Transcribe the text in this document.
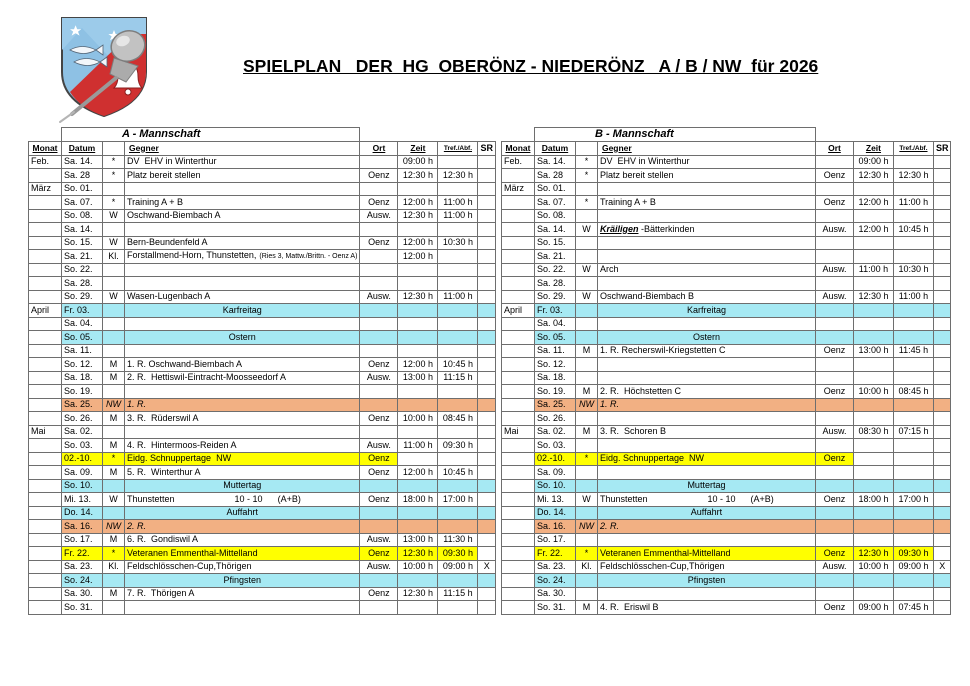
SPIELPLAN   DER  HG  OBERÖNZ - NIEDERÖNZ   A / B / NW  für 2026
	A - Mannschaft						
Monat	Datum		Gegner	Ort	Zeit	Tref./Abf.	SR
Feb.	Sa. 14.	*	DV  EHV in Winterthur		09:00 h		
	Sa. 28	*	Platz bereit stellen	Oenz	12:30 h	12:30 h	
März	So. 01.						
	Sa. 07.	*	Training A + B	Oenz	12:00 h	11:00 h	
	So. 08.	W	Oschwand-Biembach A	Ausw.	12:30 h	11:00 h	
	Sa. 14.						
	So. 15.	W	Bern-Beundenfeld A	Oenz	12:00 h	10:30 h	
	Sa. 21.	Kl.	Forstallmend-Horn, Thunstetten, (Ries 3, Mattw./Brittn. - Oenz A)		12:00 h		
	So. 22.						
	Sa. 28.						
	So. 29.	W	Wasen-Lugenbach A	Ausw.	12:30 h	11:00 h	
April	Fr. 03.		Karfreitag				
	Sa. 04.						
	So. 05.		Ostern				
	Sa. 11.						
	So. 12.	M	1. R. Oschwand-Biembach A	Oenz	12:00 h	10:45 h	
	Sa. 18.	M	2. R.  Hettiswil-Eintracht-Moosseedorf A	Ausw.	13:00 h	11:15 h	
	So. 19.						
	Sa. 25.	NW	1. R.				
	So. 26.	M	3. R.  Rüderswil A	Oenz	10:00 h	08:45 h	
Mai	Sa. 02.						
	So. 03.	M	4. R.  Hintermoos-Reiden A	Ausw.	11:00 h	09:30 h	
	02.-10.	*	Eidg. Schnuppertage  NW	Oenz			
	Sa. 09.	M	5. R.  Winterthur A	Oenz	12:00 h	10:45 h	
	So. 10.		Muttertag				
	Mi. 13.	W	Thunstetten                        10 - 10      (A+B)	Oenz	18:00 h	17:00 h	
	Do. 14.		Auffahrt				
	Sa. 16.	NW	2. R.				
	So. 17.	M	6. R.  Gondiswil A	Ausw.	13:00 h	11:30 h	
	Fr. 22.	*	Veteranen Emmenthal-Mittelland	Oenz	12:30 h	09:30 h	
	Sa. 23.	Kl.	Feldschlösschen-Cup,Thörigen	Ausw.	10:00 h	09:00 h	X
	So. 24.		Pfingsten				
	Sa. 30.	M	7. R.  Thörigen A	Oenz	12:30 h	11:15 h	
	So. 31.						
	B - Mannschaft						
Monat	Datum		Gegner	Ort	Zeit	Tref./Abf.	SR
Feb.	Sa. 14.	*	DV  EHV in Winterthur		09:00 h		
	Sa. 28	*	Platz bereit stellen	Oenz	12:30 h	12:30 h	
März	So. 01.						
	Sa. 07.	*	Training A + B	Oenz	12:00 h	11:00 h	
	So. 08.						
	Sa. 14.	W	Kräiligen -Bätterkinden	Ausw.	12:00 h	10:45 h	
	So. 15.						
	Sa. 21.						
	So. 22.	W	Arch	Ausw.	11:00 h	10:30 h	
	Sa. 28.						
	So. 29.	W	Oschwand-Biembach B	Ausw.	12:30 h	11:00 h	
April	Fr. 03.		Karfreitag				
	Sa. 04.						
	So. 05.		Ostern				
	Sa. 11.	M	1. R. Recherswil-Kriegstetten C	Oenz	13:00 h	11:45 h	
	So. 12.						
	Sa. 18.						
	So. 19.	M	2. R.  Höchstetten C	Oenz	10:00 h	08:45 h	
	Sa. 25.	NW	1. R.				
	So. 26.						
Mai	Sa. 02.	M	3. R.  Schoren B	Ausw.	08:30 h	07:15 h	
	So. 03.						
	02.-10.	*	Eidg. Schnuppertage  NW	Oenz			
	Sa. 09.						
	So. 10.		Muttertag				
	Mi. 13.	W	Thunstetten                        10 - 10      (A+B)	Oenz	18:00 h	17:00 h	
	Do. 14.		Auffahrt				
	Sa. 16.	NW	2. R.				
	So. 17.						
	Fr. 22.	*	Veteranen Emmenthal-Mittelland	Oenz	12:30 h	09:30 h	
	Sa. 23.	Kl.	Feldschlösschen-Cup,Thörigen	Ausw.	10:00 h	09:00 h	X
	So. 24.		Pfingsten				
	Sa. 30.						
	So. 31.	M	4. R.  Eriswil B	Oenz	09:00 h	07:45 h	
